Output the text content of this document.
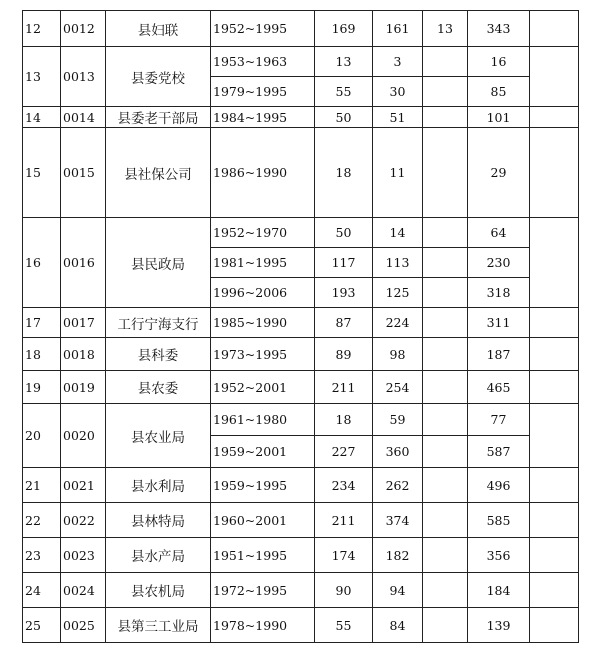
12	0012	县妇联	1952~1995	169	161	13	343	
13	0013	县委党校	1953~1963	13	3		16	
			1979~1995	55	30		85	
14	0014	县委老干部局	1984~1995	50	51		101	
15	0015	县社保公司	1986~1990	18	11		29	
16	0016	县民政局	1952~1970	50	14		64	
			1981~1995	117	113		230	
			1996~2006	193	125		318	
17	0017	工行宁海支行	1985~1990	87	224		311	
18	0018	县科委	1973~1995	89	98		187	
19	0019	县农委	1952~2001	211	254		465	
20	0020	县农业局	1961~1980	18	59		77	
			1959~2001	227	360		587	
21	0021	县水利局	1959~1995	234	262		496	
22	0022	县林特局	1960~2001	211	374		585	
23	0023	县水产局	1951~1995	174	182		356	
24	0024	县农机局	1972~1995	90	94		184	
25	0025	县第三工业局	1978~1990	55	84		139	
